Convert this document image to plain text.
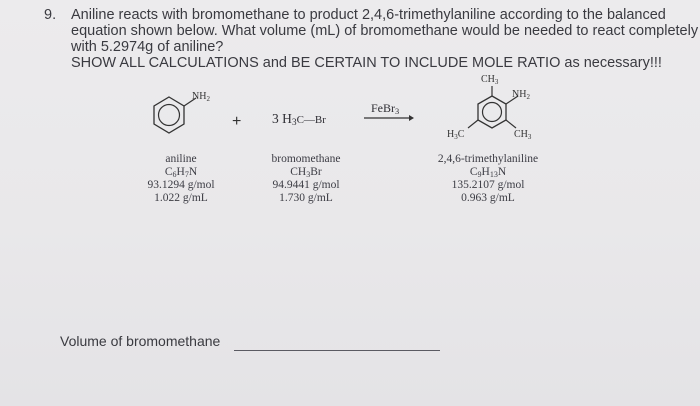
9. Aniline reacts with bromomethane to product 2,4,6-trimethylaniline according to the balanced
equation shown below. What volume (mL) of bromomethane would be needed to react completely
with 5.2974g of aniline?
SHOW ALL CALCULATIONS and BE CERTAIN TO INCLUDE MOLE RATIO as necessary!!!
$NH_2$
+ 3 $H_3C—Br$
FeBr$_3$
$CH_3$
$NH_2$
$H_3C$	$CH_3$
aniline
$C_6H_7N$
93.1294 g/mol
1.022 g/mL
bromomethane
$CH_3Br$
94.9441 g/mol
1.730 g/mL
2,4,6-trimethylaniline
$C_9H_{13}N$
135.2107 g/mol
0.963 g/mL
Volume of bromomethane
